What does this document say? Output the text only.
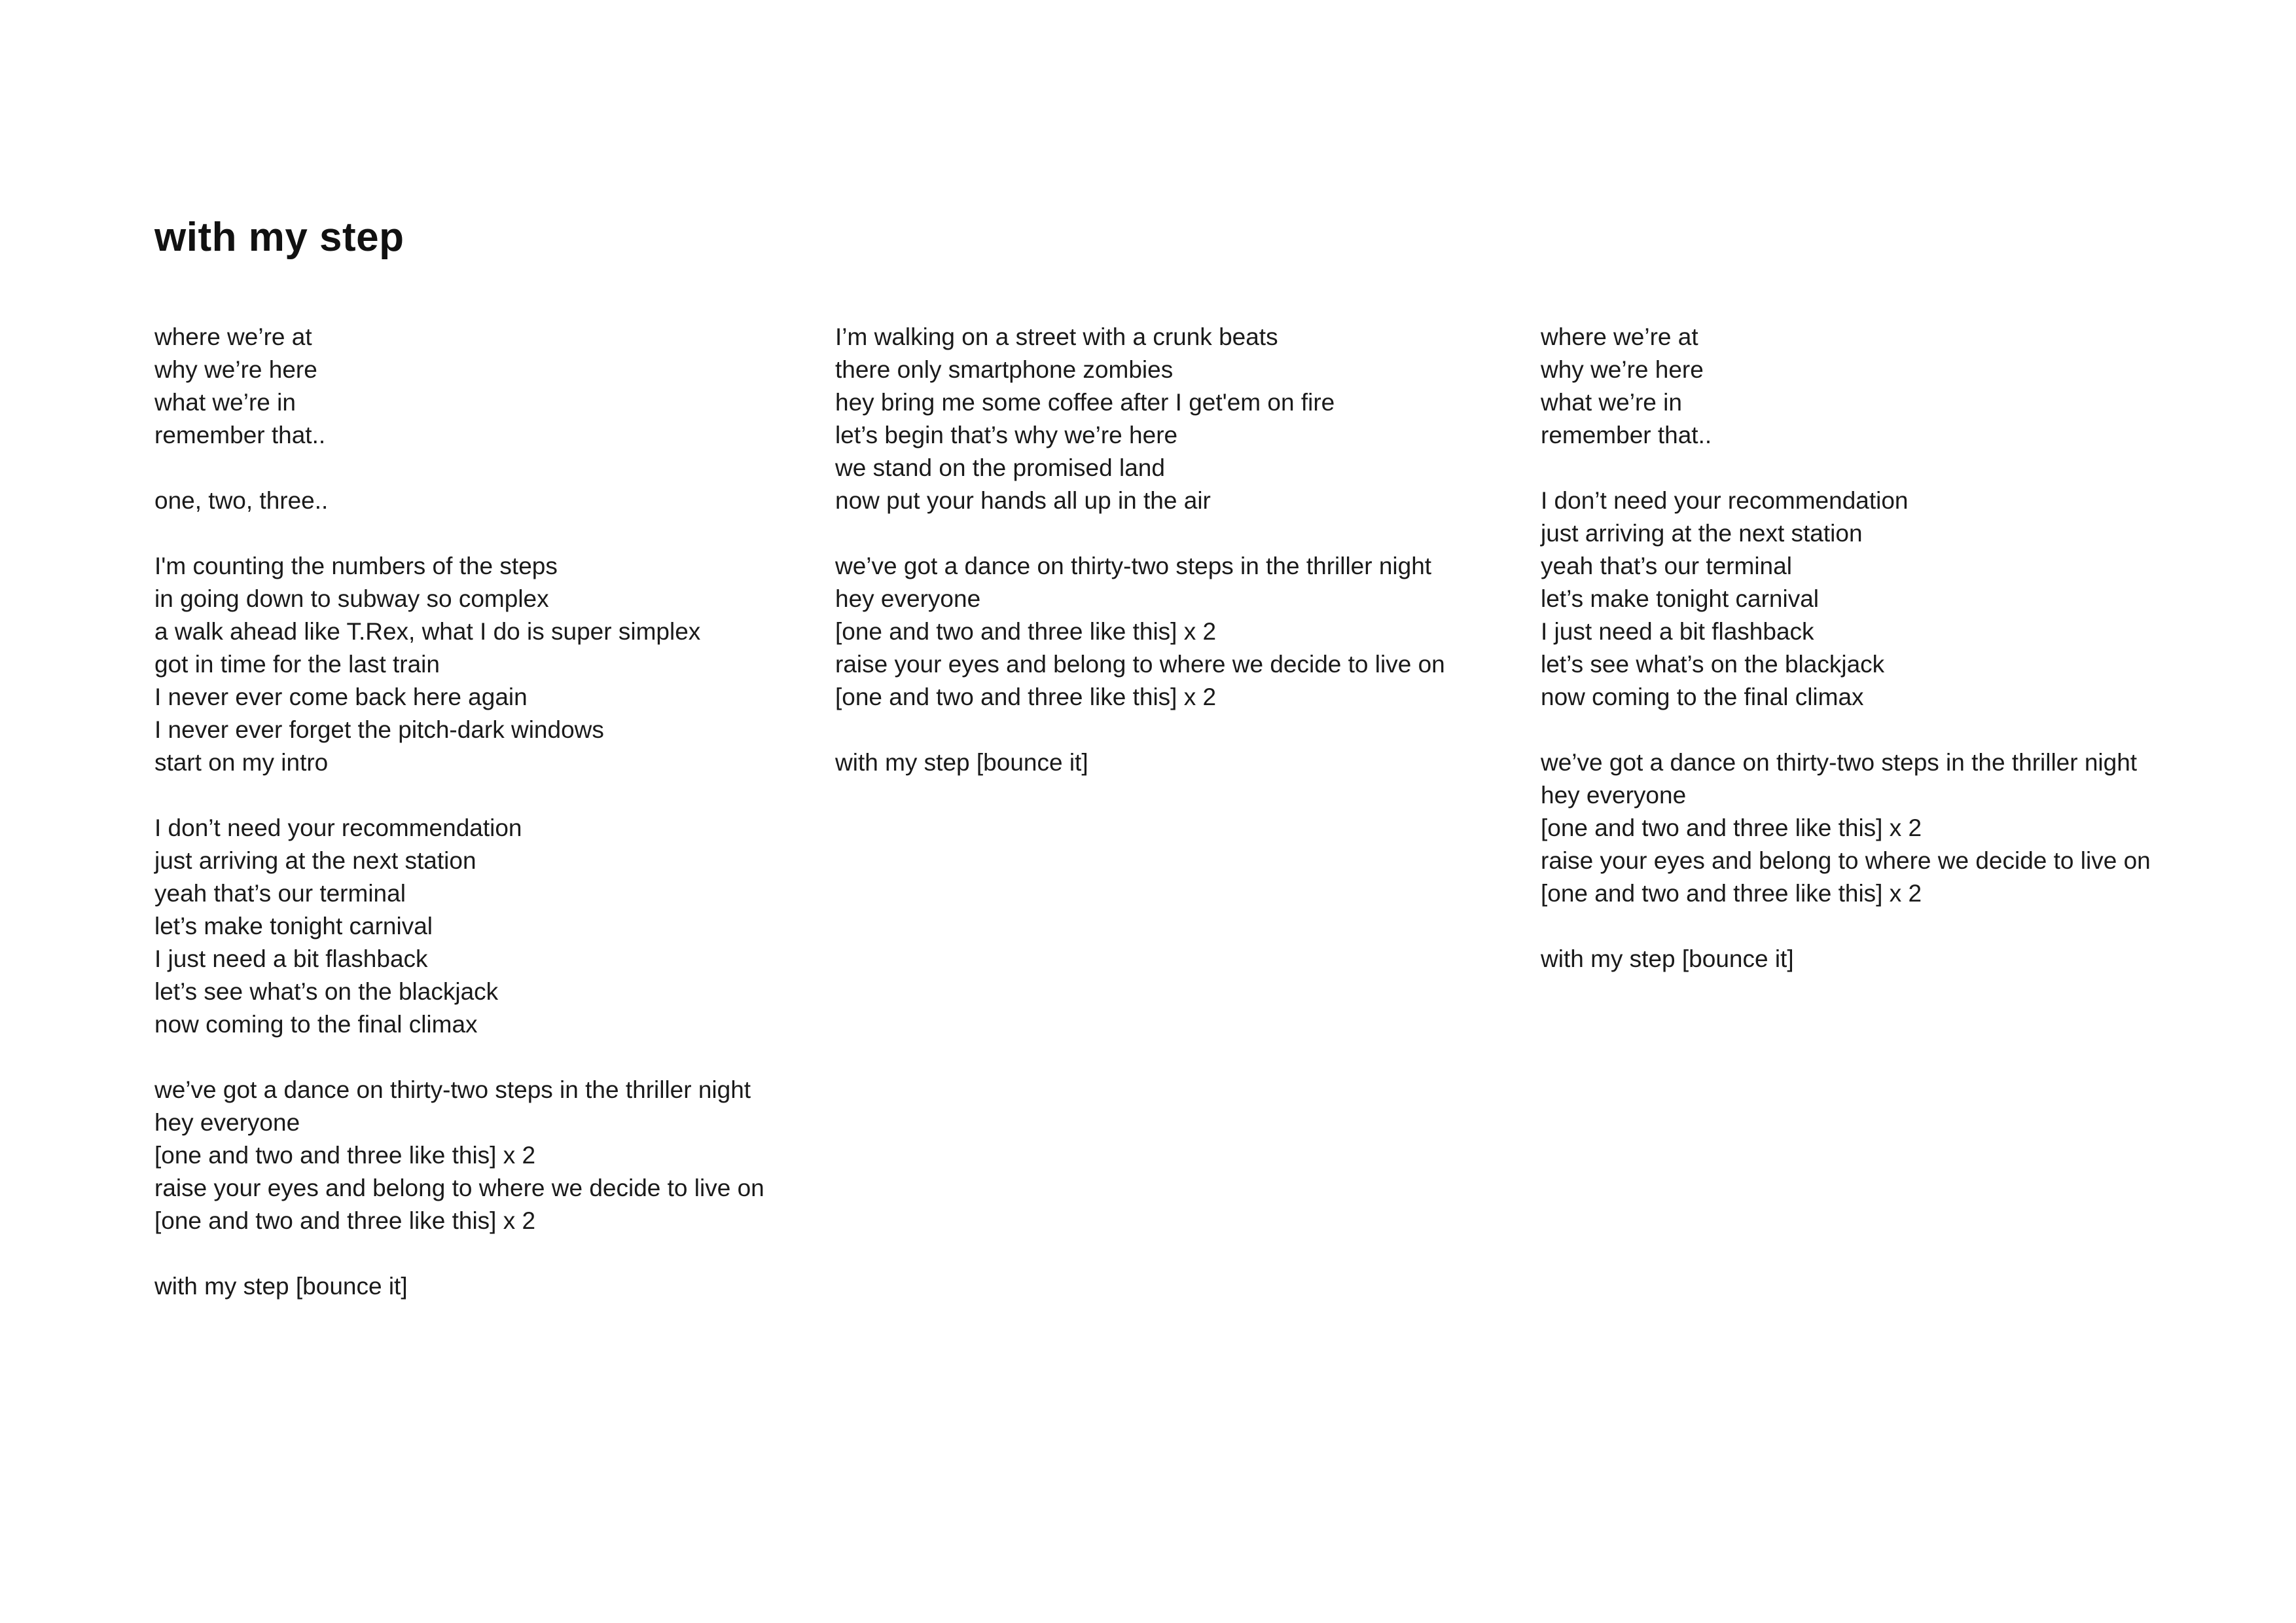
with my step
where we’re at
why we’re here
what we’re in
remember that..
one, two, three..
I'm counting the numbers of the steps
in going down to subway so complex
a walk ahead like T.Rex, what I do is super simplex
got in time for the last train
I never ever come back here again
I never ever forget the pitch-dark windows
start on my intro
I don’t need your recommendation
just arriving at the next station
yeah that’s our terminal
let’s make tonight carnival
I just need a bit flashback
let’s see what’s on the blackjack
now coming to the final climax
we’ve got a dance on thirty-two steps in the thriller night
hey everyone
[one and two and three like this] x 2
raise your eyes and belong to where we decide to live on
[one and two and three like this] x 2
with my step [bounce it]
I’m walking on a street with a crunk beats
there only smartphone zombies
hey bring me some coffee after I get'em on fire
let’s begin that’s why we’re here
we stand on the promised land
now put your hands all up in the air
we’ve got a dance on thirty-two steps in the thriller night
hey everyone
[one and two and three like this] x 2
raise your eyes and belong to where we decide to live on
[one and two and three like this] x 2
with my step [bounce it]
where we’re at
why we’re here
what we’re in
remember that..
I don’t need your recommendation
just arriving at the next station
yeah that’s our terminal
let’s make tonight carnival
I just need a bit flashback
let’s see what’s on the blackjack
now coming to the final climax
we’ve got a dance on thirty-two steps in the thriller night
hey everyone
[one and two and three like this] x 2
raise your eyes and belong to where we decide to live on
[one and two and three like this] x 2
with my step [bounce it]
